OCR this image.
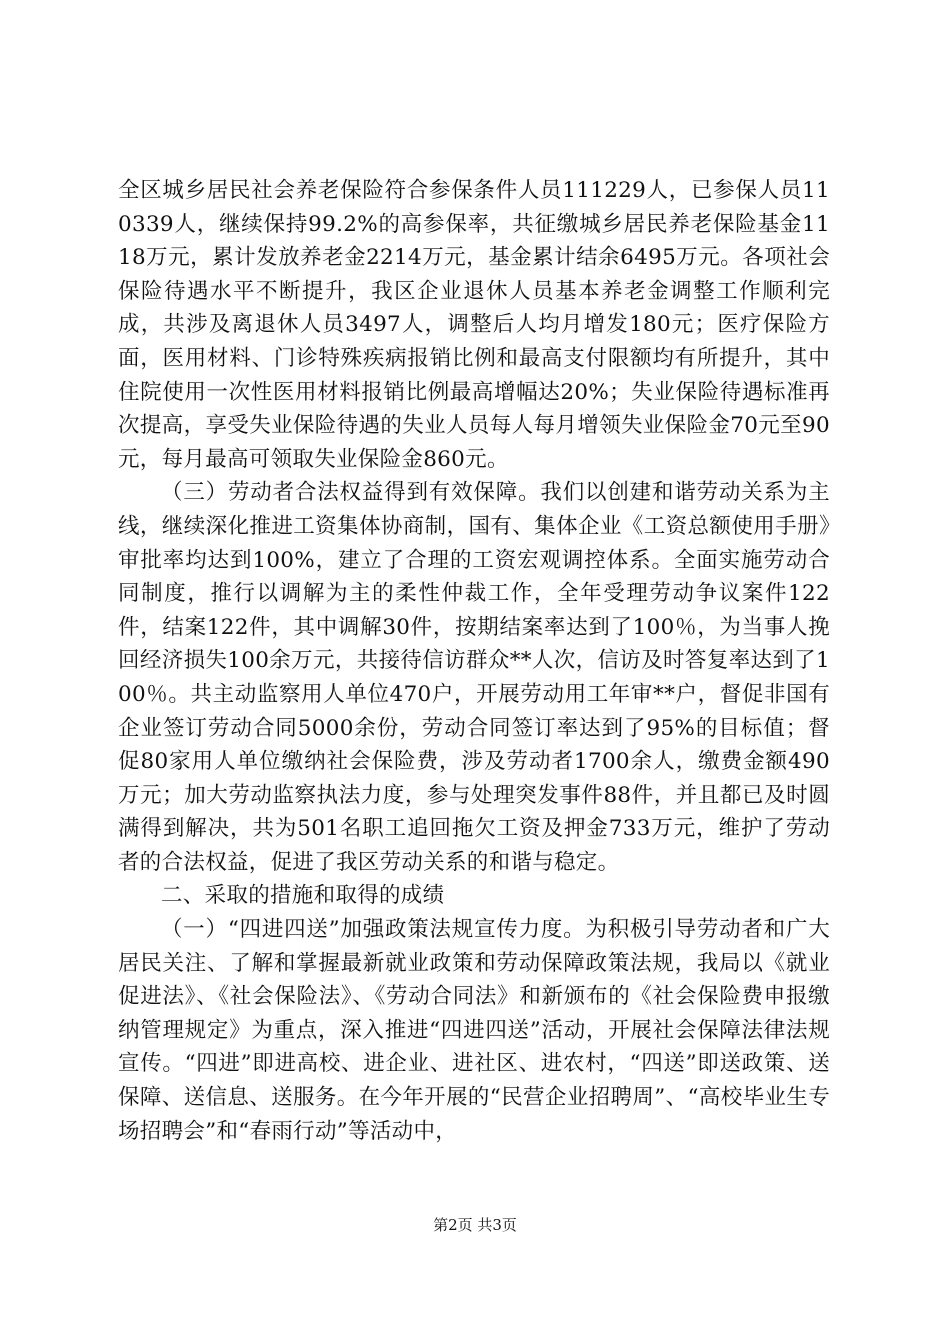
全区城乡居民社会养老保险符合参保条件人员111229人，已参保人员110339人，继续保持99.2%的高参保率，共征缴城乡居民养老保险基金1118万元，累计发放养老金2214万元，基金累计结余6495万元。各项社会保险待遇水平不断提升，我区企业退休人员基本养老金调整工作顺利完成，共涉及离退休人员3497人，调整后人均月增发180元；医疗保险方面，医用材料、门诊特殊疾病报销比例和最高支付限额均有所提升，其中住院使用一次性医用材料报销比例最高增幅达20%；失业保险待遇标准再次提高，享受失业保险待遇的失业人员每人每月增领失业保险金70元至90元，每月最高可领取失业保险金860元。

（三）劳动者合法权益得到有效保障。我们以创建和谐劳动关系为主线，继续深化推进工资集体协商制，国有、集体企业《工资总额使用手册》审批率均达到100%，建立了合理的工资宏观调控体系。全面实施劳动合同制度，推行以调解为主的柔性仲裁工作，全年受理劳动争议案件122件，结案122件，其中调解30件，按期结案率达到了100％，为当事人挽回经济损失100余万元，共接待信访群众**人次，信访及时答复率达到了100％。共主动监察用人单位470户，开展劳动用工年审**户，督促非国有企业签订劳动合同5000余份，劳动合同签订率达到了95%的目标值；督促80家用人单位缴纳社会保险费，涉及劳动者1700余人，缴费金额490万元；加大劳动监察执法力度，参与处理突发事件88件，并且都已及时圆满得到解决，共为501名职工追回拖欠工资及押金733万元，维护了劳动者的合法权益，促进了我区劳动关系的和谐与稳定。

二、采取的措施和取得的成绩

（一）“四进四送”加强政策法规宣传力度。为积极引导劳动者和广大居民关注、了解和掌握最新就业政策和劳动保障政策法规，我局以《就业促进法》、《社会保险法》、《劳动合同法》和新颁布的《社会保险费申报缴纳管理规定》为重点，深入推进“四进四送”活动，开展社会保障法律法规宣传。“四进”即进高校、进企业、进社区、进农村，“四送”即送政策、送保障、送信息、送服务。在今年开展的“民营企业招聘周”、“高校毕业生专场招聘会”和“春雨行动”等活动中，

第2页 共3页
